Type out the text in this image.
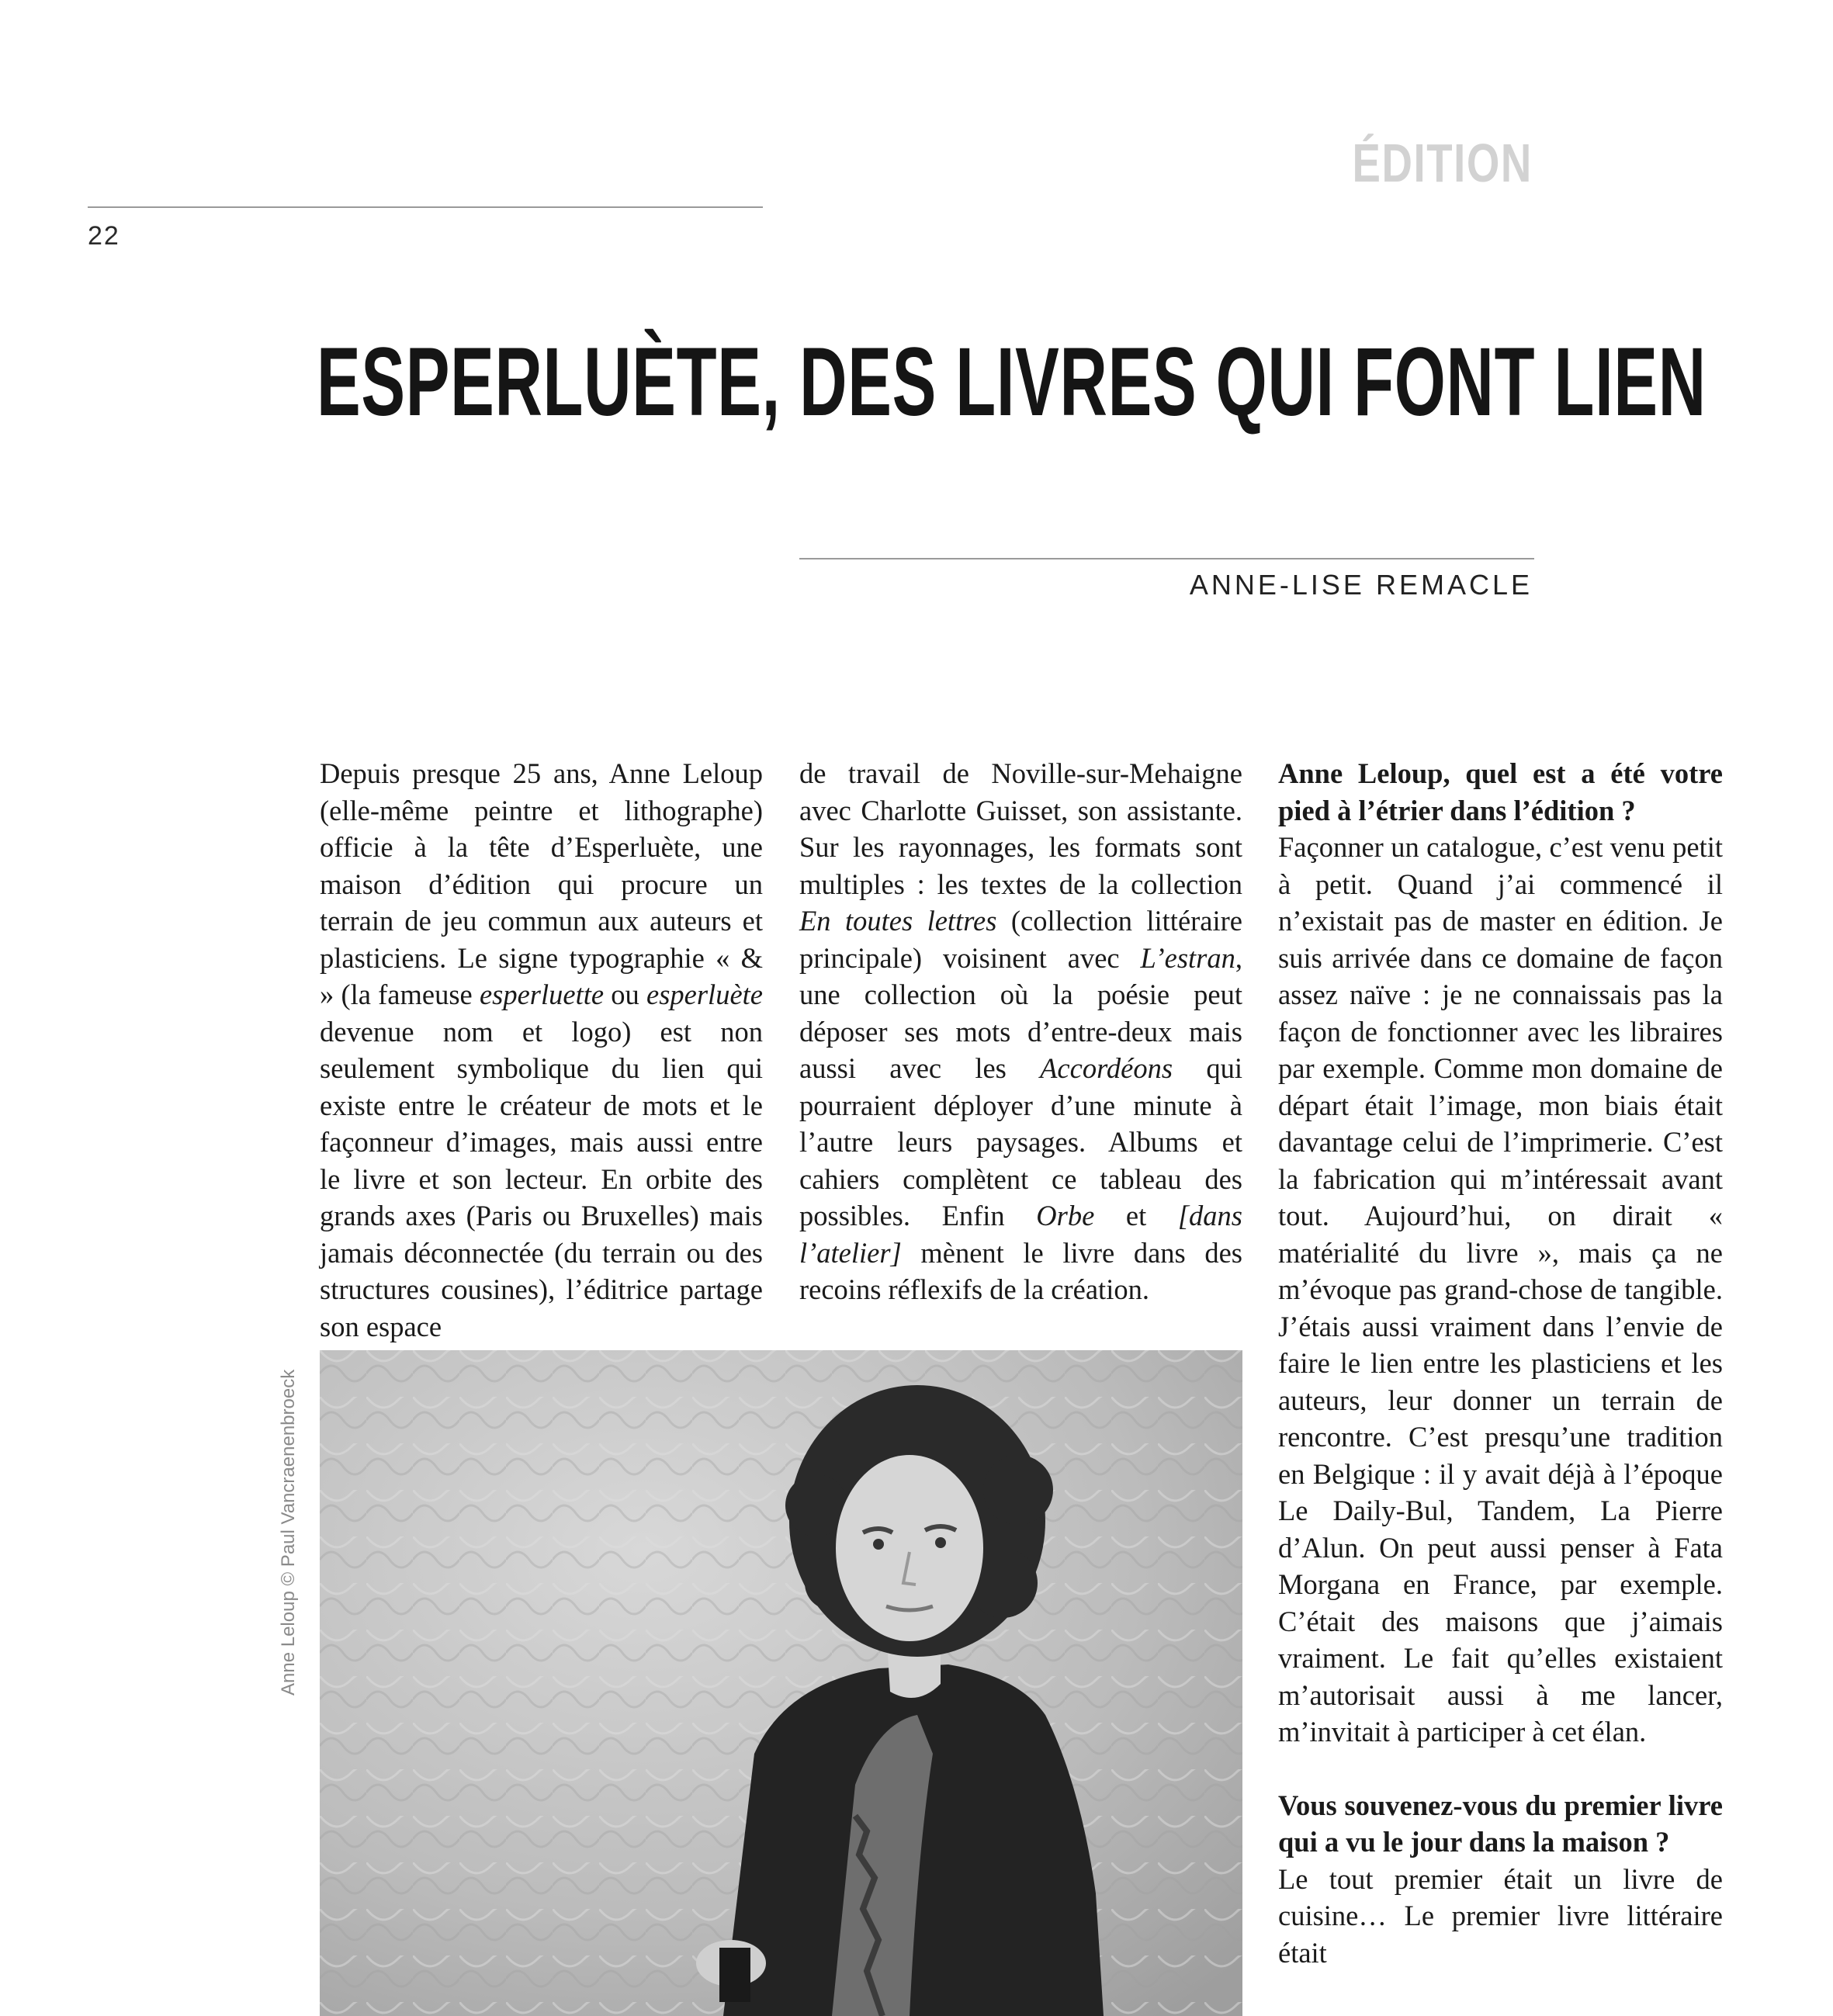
ÉDITION
22
ESPERLUÈTE, DES LIVRES QUI FONT LIEN
ANNE-LISE REMACLE

Depuis presque 25 ans, Anne Leloup (elle-même peintre et lithographe) officie à la tête d’Esperluète, une maison d’édition qui procure un terrain de jeu commun aux auteurs et plasticiens. Le signe typographie « & » (la fameuse esperluette ou esperluète devenue nom et logo) est non seulement symbolique du lien qui existe entre le créateur de mots et le façonneur d’images, mais aussi entre le livre et son lecteur. En orbite des grands axes (Paris ou Bruxelles) mais jamais déconnectée (du terrain ou des structures cousines), l’éditrice partage son espace

de travail de Noville-sur-Mehaigne avec Charlotte Guisset, son assistante. Sur les rayonnages, les formats sont multiples : les textes de la collection En toutes lettres (collection littéraire principale) voisinent avec L’estran, une collection où la poésie peut déposer ses mots d’entre-deux mais aussi avec les Accordéons qui pourraient déployer d’une minute à l’autre leurs paysages. Albums et cahiers complètent ce tableau des possibles. Enfin Orbe et [dans l’atelier] mènent le livre dans des recoins réflexifs de la création.

Anne Leloup, quel est a été votre pied à l’étrier dans l’édition ?

Façonner un catalogue, c’est venu petit à petit. Quand j’ai commencé il n’existait pas de master en édition. Je suis arrivée dans ce domaine de façon assez naïve : je ne connaissais pas la façon de fonctionner avec les libraires par exemple. Comme mon domaine de départ était l’image, mon biais était davantage celui de l’imprimerie. C’est la fabrication qui m’intéressait avant tout. Aujourd’hui, on dirait « matérialité du livre », mais ça ne m’évoque pas grand-chose de tangible. J’étais aussi vraiment dans l’envie de faire le lien entre les plasticiens et les auteurs, leur donner un terrain de rencontre. C’est presqu’une tradition en Belgique : il y avait déjà à l’époque Le Daily-Bul, Tandem, La Pierre d’Alun. On peut aussi penser à Fata Morgana en France, par exemple. C’était des maisons que j’aimais vraiment. Le fait qu’elles existaient m’autorisait aussi à me lancer, m’invitait à participer à cet élan.

Vous souvenez-vous du premier livre qui a vu le jour dans la maison ?

Le tout premier était un livre de cuisine… Le premier livre littéraire était

Anne Leloup © Paul Vancraenenbroeck
